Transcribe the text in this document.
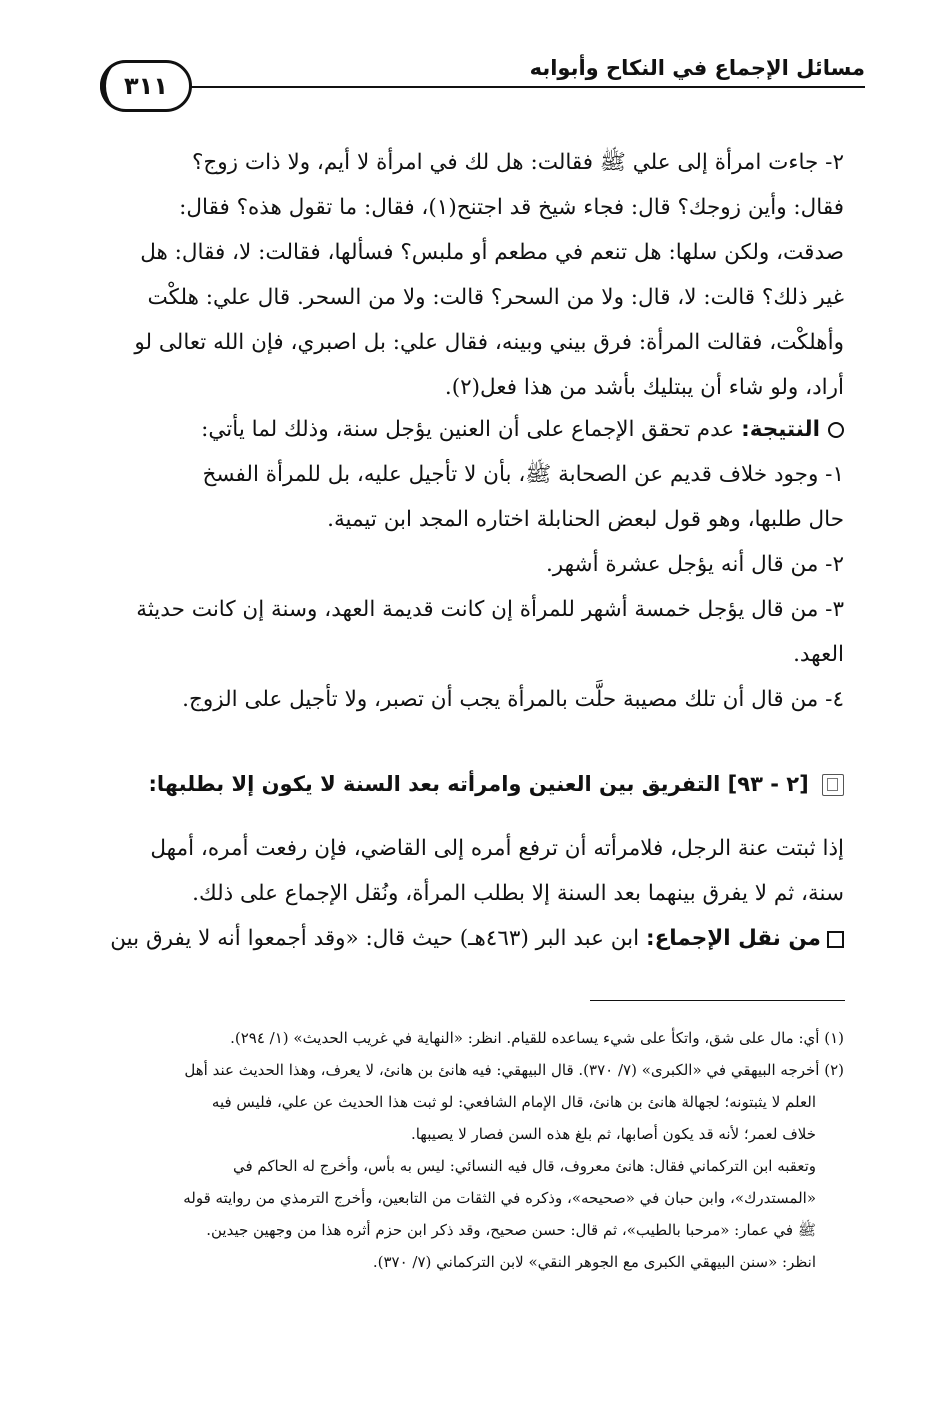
مسائل الإجماع في النكاح وأبوابه
٣١١
٢- جاءت امرأة إلى علي ﷺ فقالت: هل لك في امرأة لا أيم، ولا ذات زوج؟
فقال: وأين زوجك؟ قال: فجاء شيخ قد اجتنح(١)، فقال: ما تقول هذه؟ فقال:
صدقت، ولكن سلها: هل تنعم في مطعم أو ملبس؟ فسألها، فقالت: لا، فقال: هل
غير ذلك؟ قالت: لا، قال: ولا من السحر؟ قالت: ولا من السحر. قال علي: هلكْت
وأهلكْت، فقالت المرأة: فرق بيني وبينه، فقال علي: بل اصبري، فإن الله تعالى لو
أراد، ولو شاء أن يبتليك بأشد من هذا فعل(٢).
النتيجة: عدم تحقق الإجماع على أن العنين يؤجل سنة، وذلك لما يأتي:
١- وجود خلاف قديم عن الصحابة ﷺ، بأن لا تأجيل عليه، بل للمرأة الفسخ
حال طلبها، وهو قول لبعض الحنابلة اختاره المجد ابن تيمية.
٢- من قال أنه يؤجل عشرة أشهر.
٣- من قال يؤجل خمسة أشهر للمرأة إن كانت قديمة العهد، وسنة إن كانت حديثة
العهد.
٤- من قال أن تلك مصيبة حلَّت بالمرأة يجب أن تصبر، ولا تأجيل على الزوج.
[٢ - ٩٣] التفريق بين العنين وامرأته بعد السنة لا يكون إلا بطلبها:
إذا ثبتت عنة الرجل، فلامرأته أن ترفع أمره إلى القاضي، فإن رفعت أمره، أمهل
سنة، ثم لا يفرق بينهما بعد السنة إلا بطلب المرأة، ونُقل الإجماع على ذلك.
من نقل الإجماع: ابن عبد البر (٤٦٣هـ) حيث قال: «وقد أجمعوا أنه لا يفرق بين
(١) أي: مال على شق، واتكأ على شيء يساعده للقيام. انظر: «النهاية في غريب الحديث» (١/ ٢٩٤).
(٢) أخرجه البيهقي في «الكبرى» (٧/ ٣٧٠). قال البيهقي: فيه هانئ بن هانئ، لا يعرف، وهذا الحديث عند أهل
العلم لا يثبتونه؛ لجهالة هانئ بن هانئ، قال الإمام الشافعي: لو ثبت هذا الحديث عن علي، فليس فيه
خلاف لعمر؛ لأنه قد يكون أصابها، ثم بلغ هذه السن فصار لا يصيبها.
وتعقبه ابن التركماني فقال: هانئ معروف، قال فيه النسائي: ليس به بأس، وأخرج له الحاكم في
«المستدرك»، وابن حبان في «صحيحه»، وذكره في الثقات من التابعين، وأخرج الترمذي من روايته قوله
ﷺ في عمار: «مرحبا بالطيب»، ثم قال: حسن صحيح، وقد ذكر ابن حزم أثره هذا من وجهين جيدين.
انظر: «سنن البيهقي الكبرى مع الجوهر النقي» لابن التركماني (٧/ ٣٧٠).
